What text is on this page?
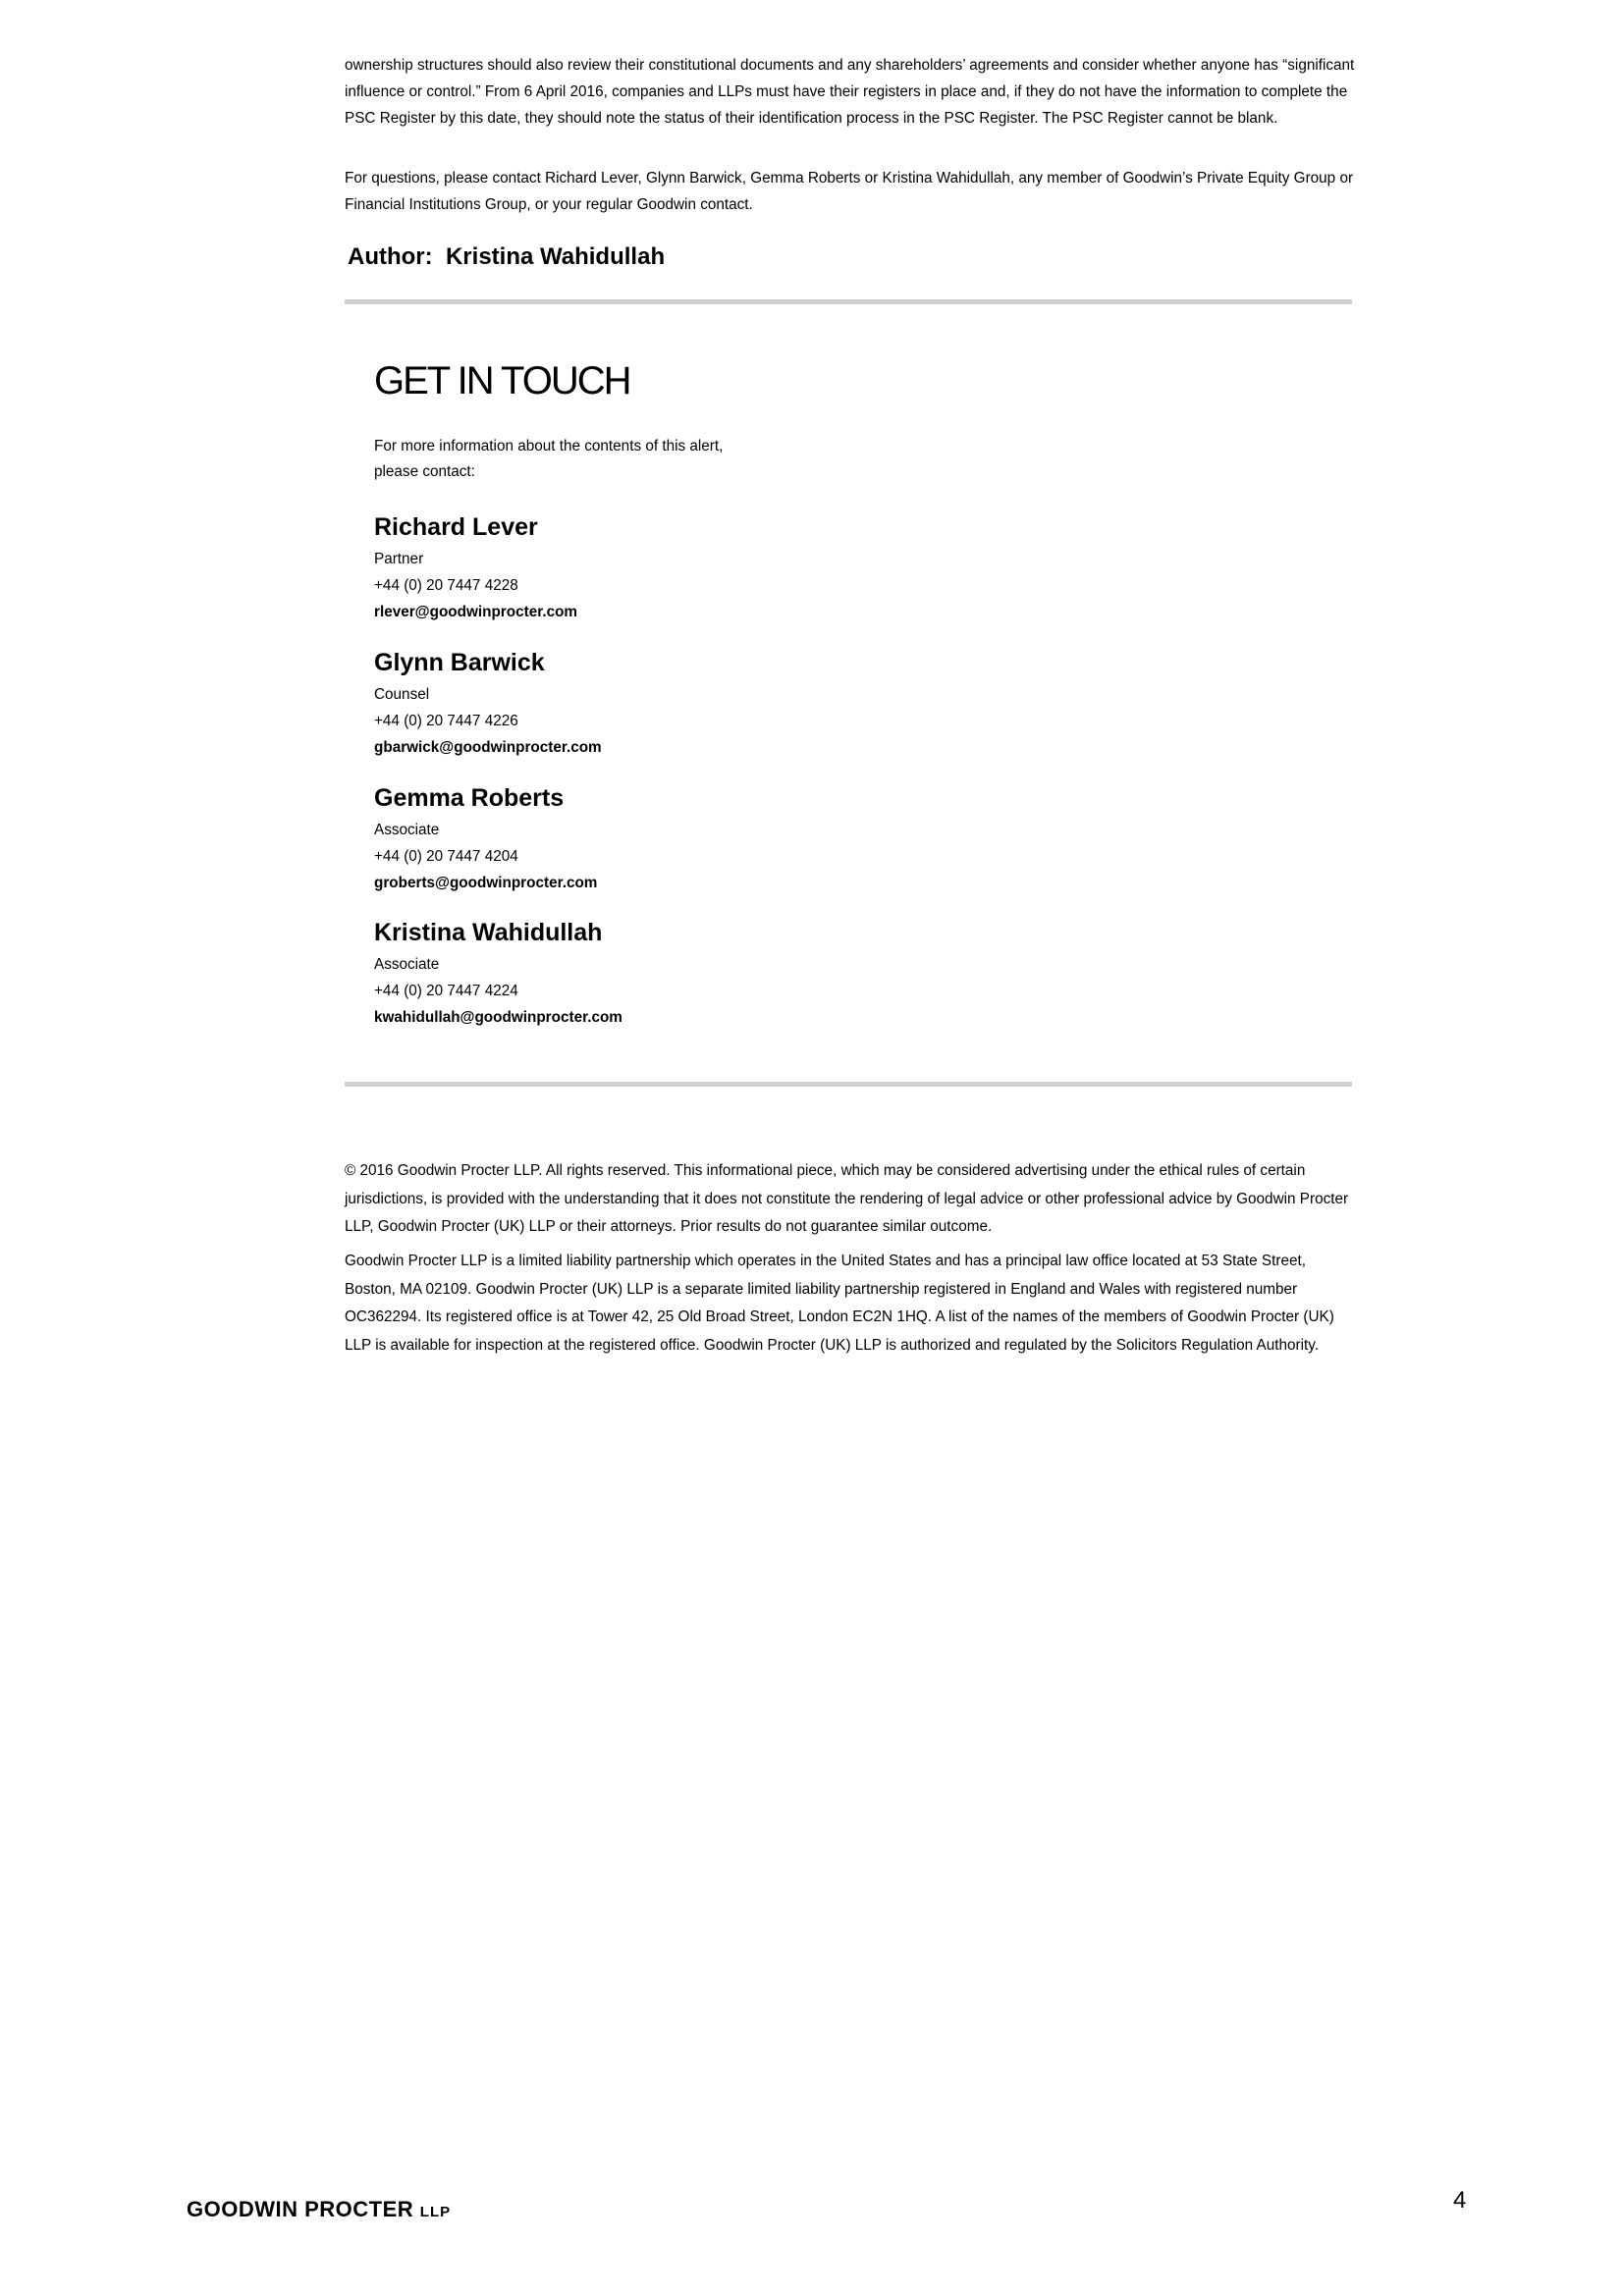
ownership structures should also review their constitutional documents and any shareholders’ agreements and consider whether anyone has “significant influence or control.” From 6 April 2016, companies and LLPs must have their registers in place and, if they do not have the information to complete the PSC Register by this date, they should note the status of their identification process in the PSC Register. The PSC Register cannot be blank.

For questions, please contact Richard Lever, Glynn Barwick, Gemma Roberts or Kristina Wahidullah, any member of Goodwin’s Private Equity Group or Financial Institutions Group, or your regular Goodwin contact.

Author:  Kristina Wahidullah
GET IN TOUCH
For more information about the contents of this alert,
please contact:
Richard Lever
Partner
+44 (0) 20 7447 4228
rlever@goodwinprocter.com
Glynn Barwick
Counsel
+44 (0) 20 7447 4226
gbarwick@goodwinprocter.com
Gemma Roberts
Associate
+44 (0) 20 7447 4204
groberts@goodwinprocter.com
Kristina Wahidullah
Associate
+44 (0) 20 7447 4224
kwahidullah@goodwinprocter.com

© 2016 Goodwin Procter LLP. All rights reserved. This informational piece, which may be considered advertising under the ethical rules of certain jurisdictions, is provided with the understanding that it does not constitute the rendering of legal advice or other professional advice by Goodwin Procter LLP, Goodwin Procter (UK) LLP or their attorneys. Prior results do not guarantee similar outcome.

Goodwin Procter LLP is a limited liability partnership which operates in the United States and has a principal law office located at 53 State Street, Boston, MA 02109. Goodwin Procter (UK) LLP is a separate limited liability partnership registered in England and Wales with registered number OC362294. Its registered office is at Tower 42, 25 Old Broad Street, London EC2N 1HQ. A list of the names of the members of Goodwin Procter (UK) LLP is available for inspection at the registered office. Goodwin Procter (UK) LLP is authorized and regulated by the Solicitors Regulation Authority.

GOODWIN PROCTER LLP	4
